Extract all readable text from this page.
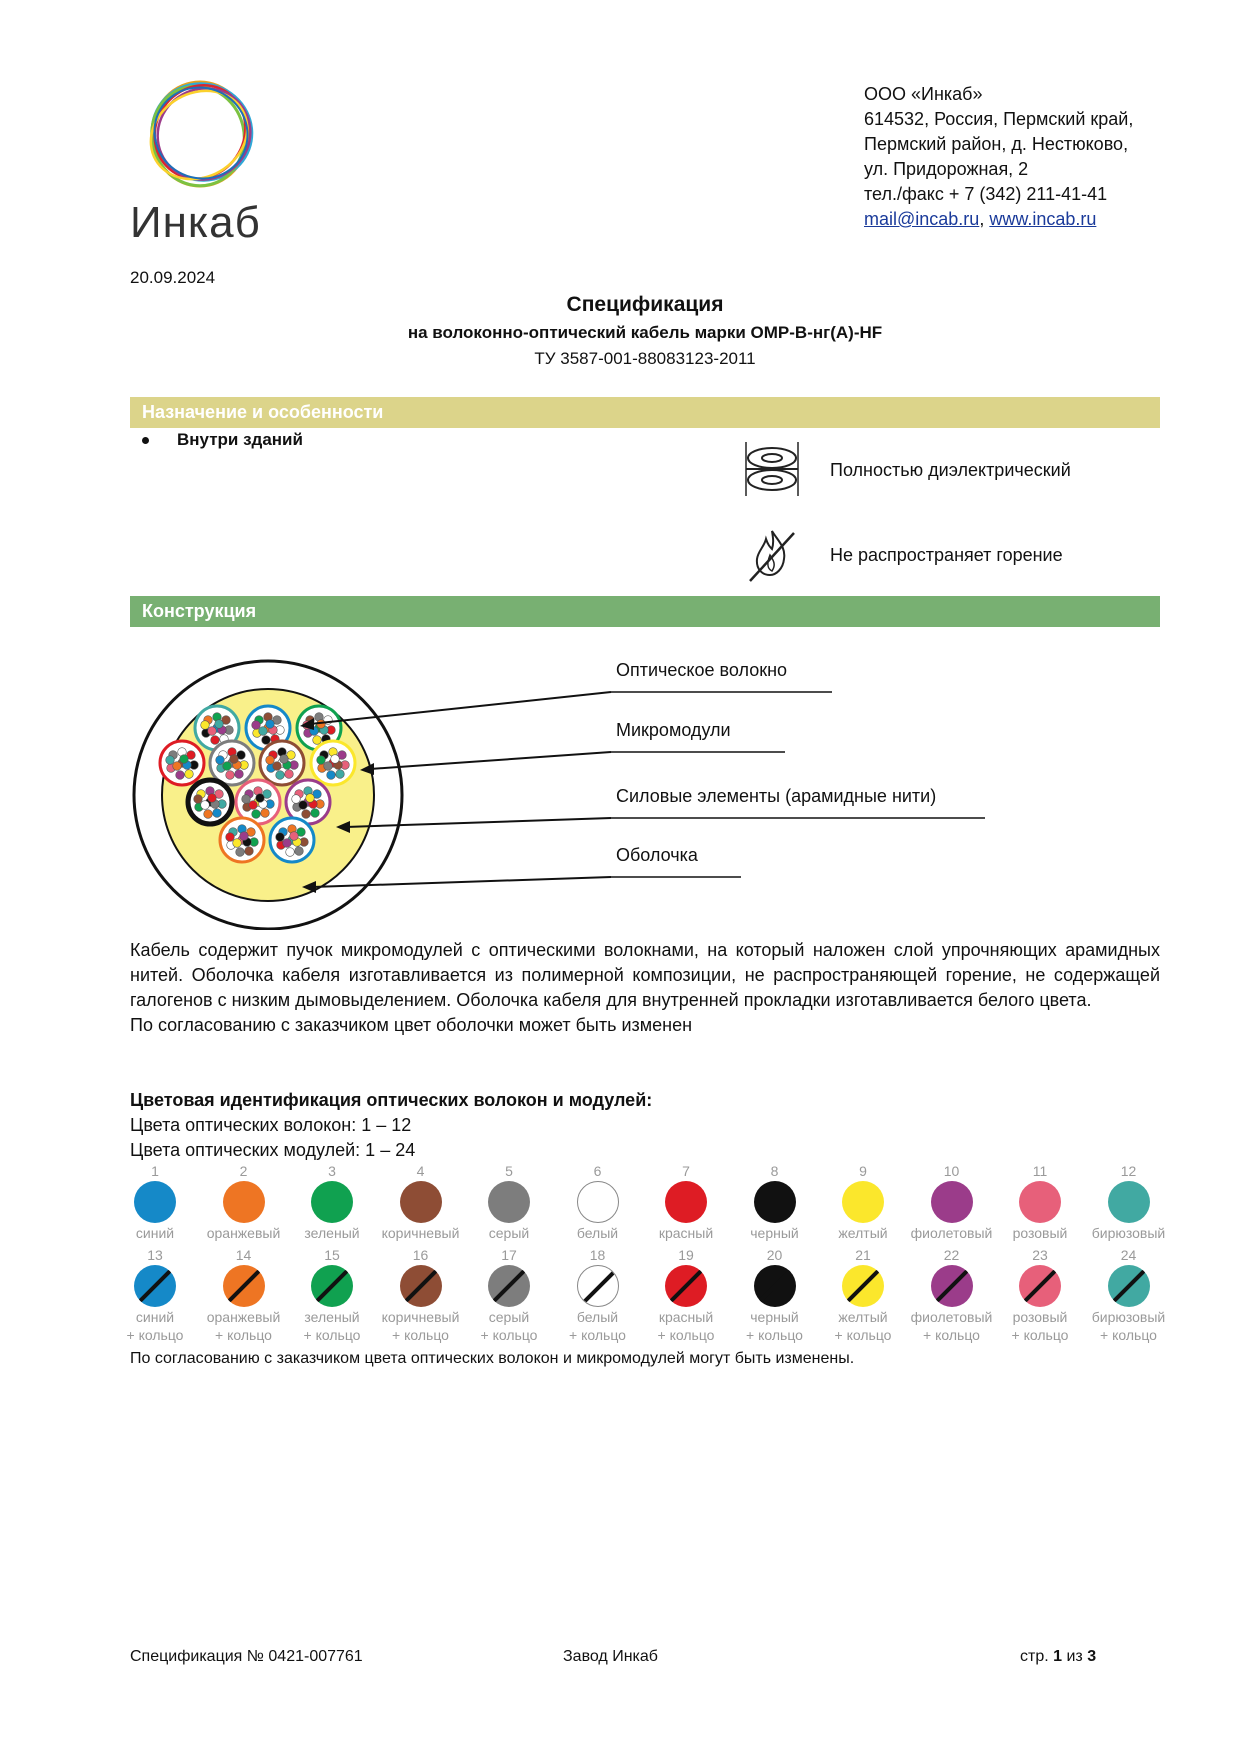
Инкаб
ООО «Инкаб»
614532, Россия, Пермский край,
Пермский район, д. Нестюково,
ул. Придорожная, 2
тел./факс + 7 (342) 211-41-41
mail@incab.ru, www.incab.ru
20.09.2024
Спецификация
на волоконно-оптический кабель марки ОМР-В-нг(А)-HF
ТУ 3587-001-88083123-2011
Назначение и особенности
Внутри зданий
Полностью диэлектрический
Не распространяет горение
Конструкция
Оптическое волокно
Микромодули
Силовые элементы (арамидные нити)
Оболочка

Кабель содержит пучок микромодулей с оптическими волокнами, на который наложен слой упрочняющих арамидных нитей. Оболочка кабеля изготавливается из полимерной композиции, не распространяющей горение, не содержащей галогенов с низким дымовыделением. Оболочка кабеля для внутренней прокладки изготавливается белого цвета.

По согласованию с заказчиком цвет оболочки может быть изменен

Цветовая идентификация оптических волокон и модулей:
Цвета оптических волокон: 1 – 12
Цвета оптических модулей: 1 – 24
1
синий
2
оранжевый
3
зеленый
4
коричневый
5
серый
6
белый
7
красный
8
черный
9
желтый
10
фиолетовый
11
розовый
12
бирюзовый
13
синий
+ кольцо
14
оранжевый
+ кольцо
15
зеленый
+ кольцо
16
коричневый
+ кольцо
17
серый
+ кольцо
18
белый
+ кольцо
19
красный
+ кольцо
20
черный
+ кольцо
21
желтый
+ кольцо
22
фиолетовый
+ кольцо
23
розовый
+ кольцо
24
бирюзовый
+ кольцо
По согласованию с заказчиком цвета оптических волокон и микромодулей могут быть изменены.
Спецификация № 0421-007761	Завод Инкаб	стр. 1 из 3
